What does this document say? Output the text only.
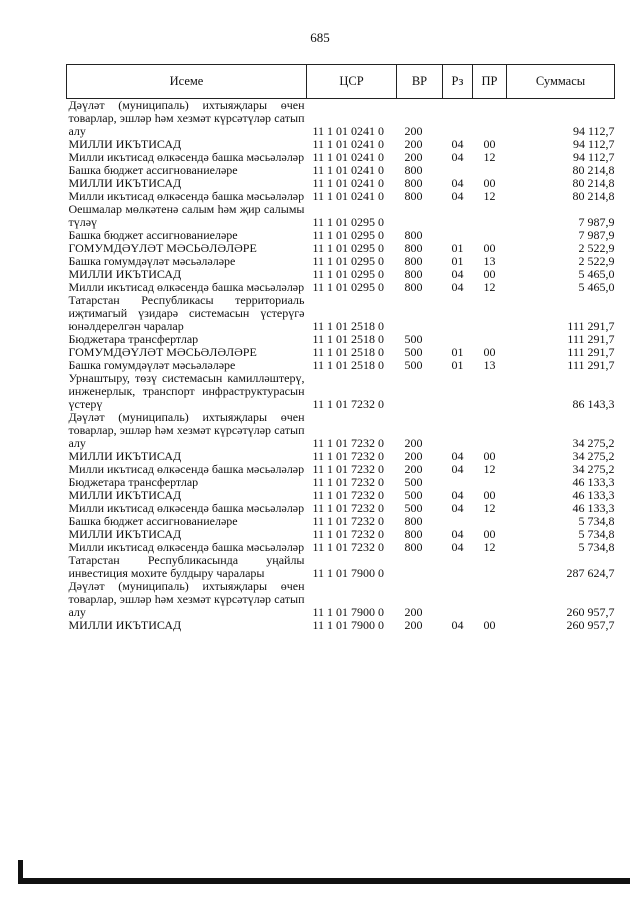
685
Исеме	ЦСР	ВР	Рз	ПР	Суммасы
Дәүләт (муниципаль) ихтыяҗлары өчен товарлар, эшләр һәм хезмәт күрсәтүләр сатып алу	11 1 01 0241 0	200			94 112,7
МИЛЛИ ИКЪТИСАД	11 1 01 0241 0	200	04	00	94 112,7
Милли икътисад өлкәсендә башка мәсьәләләр	11 1 01 0241 0	200	04	12	94 112,7
Башка бюджет ассигнованиеләре	11 1 01 0241 0	800			80 214,8
МИЛЛИ ИКЪТИСАД	11 1 01 0241 0	800	04	00	80 214,8
Милли икътисад өлкәсендә башка мәсьәләләр	11 1 01 0241 0	800	04	12	80 214,8
Оешмалар мөлкәтенә салым һәм җир салымы түләү	11 1 01 0295 0				7 987,9
Башка бюджет ассигнованиеләре	11 1 01 0295 0	800			7 987,9
ГОМУМДӘҮЛӘТ МӘСЬӘЛӘЛӘРЕ	11 1 01 0295 0	800	01	00	2 522,9
Башка гомумдәүләт мәсьәләләре	11 1 01 0295 0	800	01	13	2 522,9
МИЛЛИ ИКЪТИСАД	11 1 01 0295 0	800	04	00	5 465,0
Милли икътисад өлкәсендә башка мәсьәләләр	11 1 01 0295 0	800	04	12	5 465,0
Татарстан Республикасы территориаль иҗтимагый үзидарә системасын үстерүгә юнәлдерелгән чаралар	11 1 01 2518 0				111 291,7
Бюджетара трансфертлар	11 1 01 2518 0	500			111 291,7
ГОМУМДӘҮЛӘТ МӘСЬӘЛӘЛӘРЕ	11 1 01 2518 0	500	01	00	111 291,7
Башка гомумдәүләт мәсьәләләре	11 1 01 2518 0	500	01	13	111 291,7
Урнаштыру, төзү системасын камилләштерү, инженерлык, транспорт инфраструктурасын үстерү	11 1 01 7232 0				86 143,3
Дәүләт (муниципаль) ихтыяҗлары өчен товарлар, эшләр һәм хезмәт күрсәтүләр сатып алу	11 1 01 7232 0	200			34 275,2
МИЛЛИ ИКЪТИСАД	11 1 01 7232 0	200	04	00	34 275,2
Милли икътисад өлкәсендә башка мәсьәләләр	11 1 01 7232 0	200	04	12	34 275,2
Бюджетара трансфертлар	11 1 01 7232 0	500			46 133,3
МИЛЛИ ИКЪТИСАД	11 1 01 7232 0	500	04	00	46 133,3
Милли икътисад өлкәсендә башка мәсьәләләр	11 1 01 7232 0	500	04	12	46 133,3
Башка бюджет ассигнованиеләре	11 1 01 7232 0	800			5 734,8
МИЛЛИ ИКЪТИСАД	11 1 01 7232 0	800	04	00	5 734,8
Милли икътисад өлкәсендә башка мәсьәләләр	11 1 01 7232 0	800	04	12	5 734,8
Татарстан Республикасында уңайлы инвестиция мохите булдыру чаралары	11 1 01 7900 0				287 624,7
Дәүләт (муниципаль) ихтыяҗлары өчен товарлар, эшләр һәм хезмәт күрсәтүләр сатып алу	11 1 01 7900 0	200			260 957,7
МИЛЛИ ИКЪТИСАД	11 1 01 7900 0	200	04	00	260 957,7
